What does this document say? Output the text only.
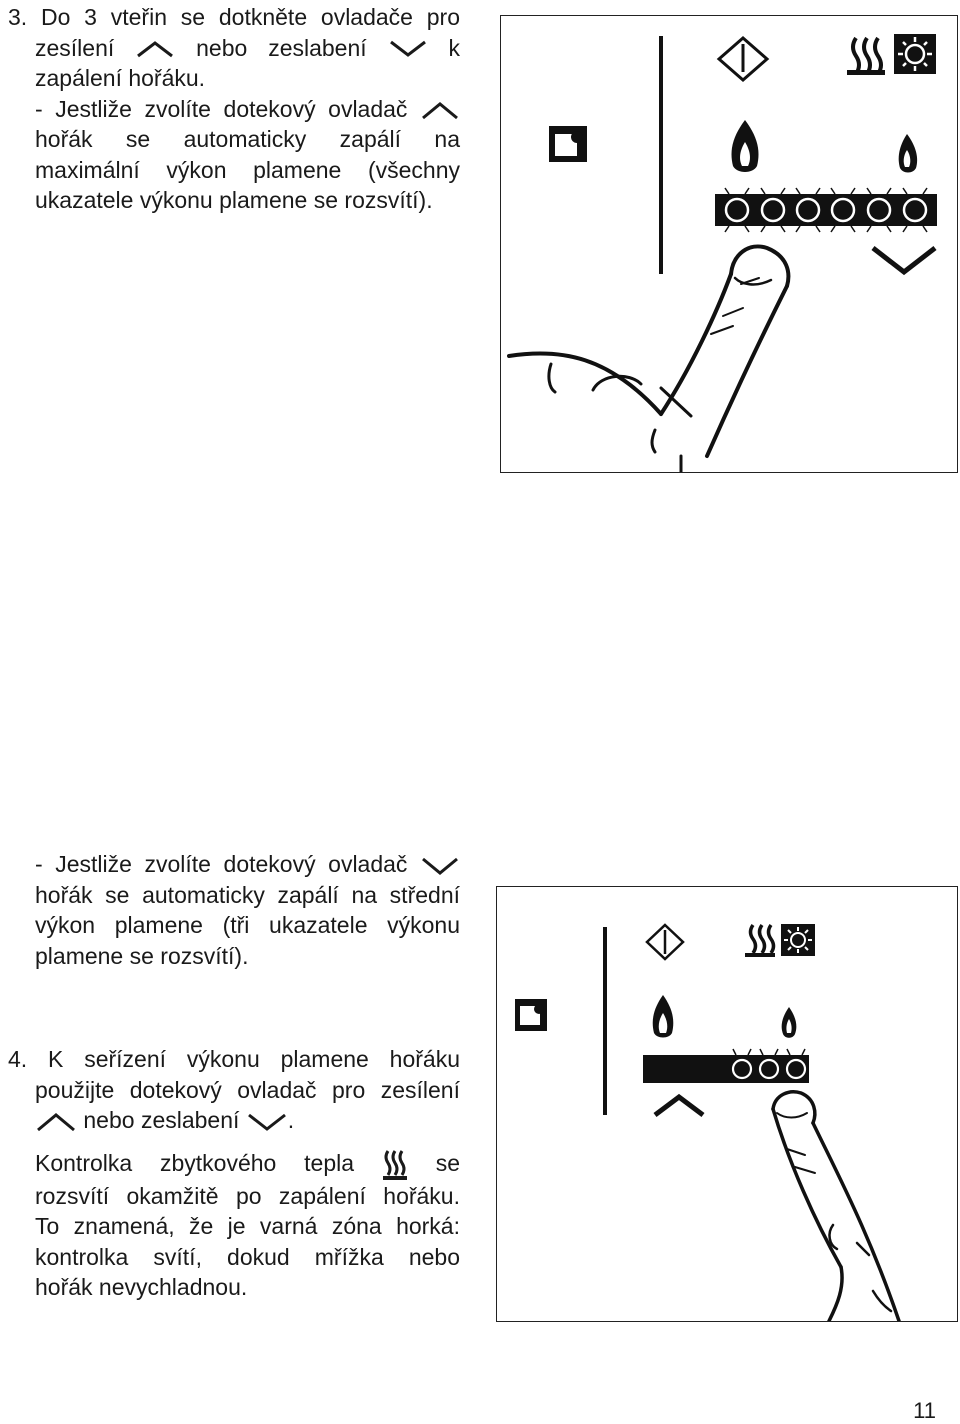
3. Do 3 vteřin se dotkněte ovladače pro
zesílení	nebo zeslabení	k
zapálení hořáku.
- Jestliže zvolíte dotekový ovladač
hořák se automaticky zapálí na
maximální výkon plamene (všechny
ukazatele výkonu plamene se rozsvítí).
- Jestliže zvolíte dotekový ovladač
hořák se automaticky zapálí na střední
výkon plamene (tři ukazatele výkonu
plamene se rozsvítí).
4. K seřízení výkonu plamene hořáku
použijte dotekový ovladač pro zesílení
nebo zeslabení .
Kontrolka zbytkového tepla	se
rozsvítí okamžitě po zapálení hořáku.
To znamená, že je varná zóna horká:
kontrolka svítí, dokud mřížka nebo
hořák nevychladnou.
11
